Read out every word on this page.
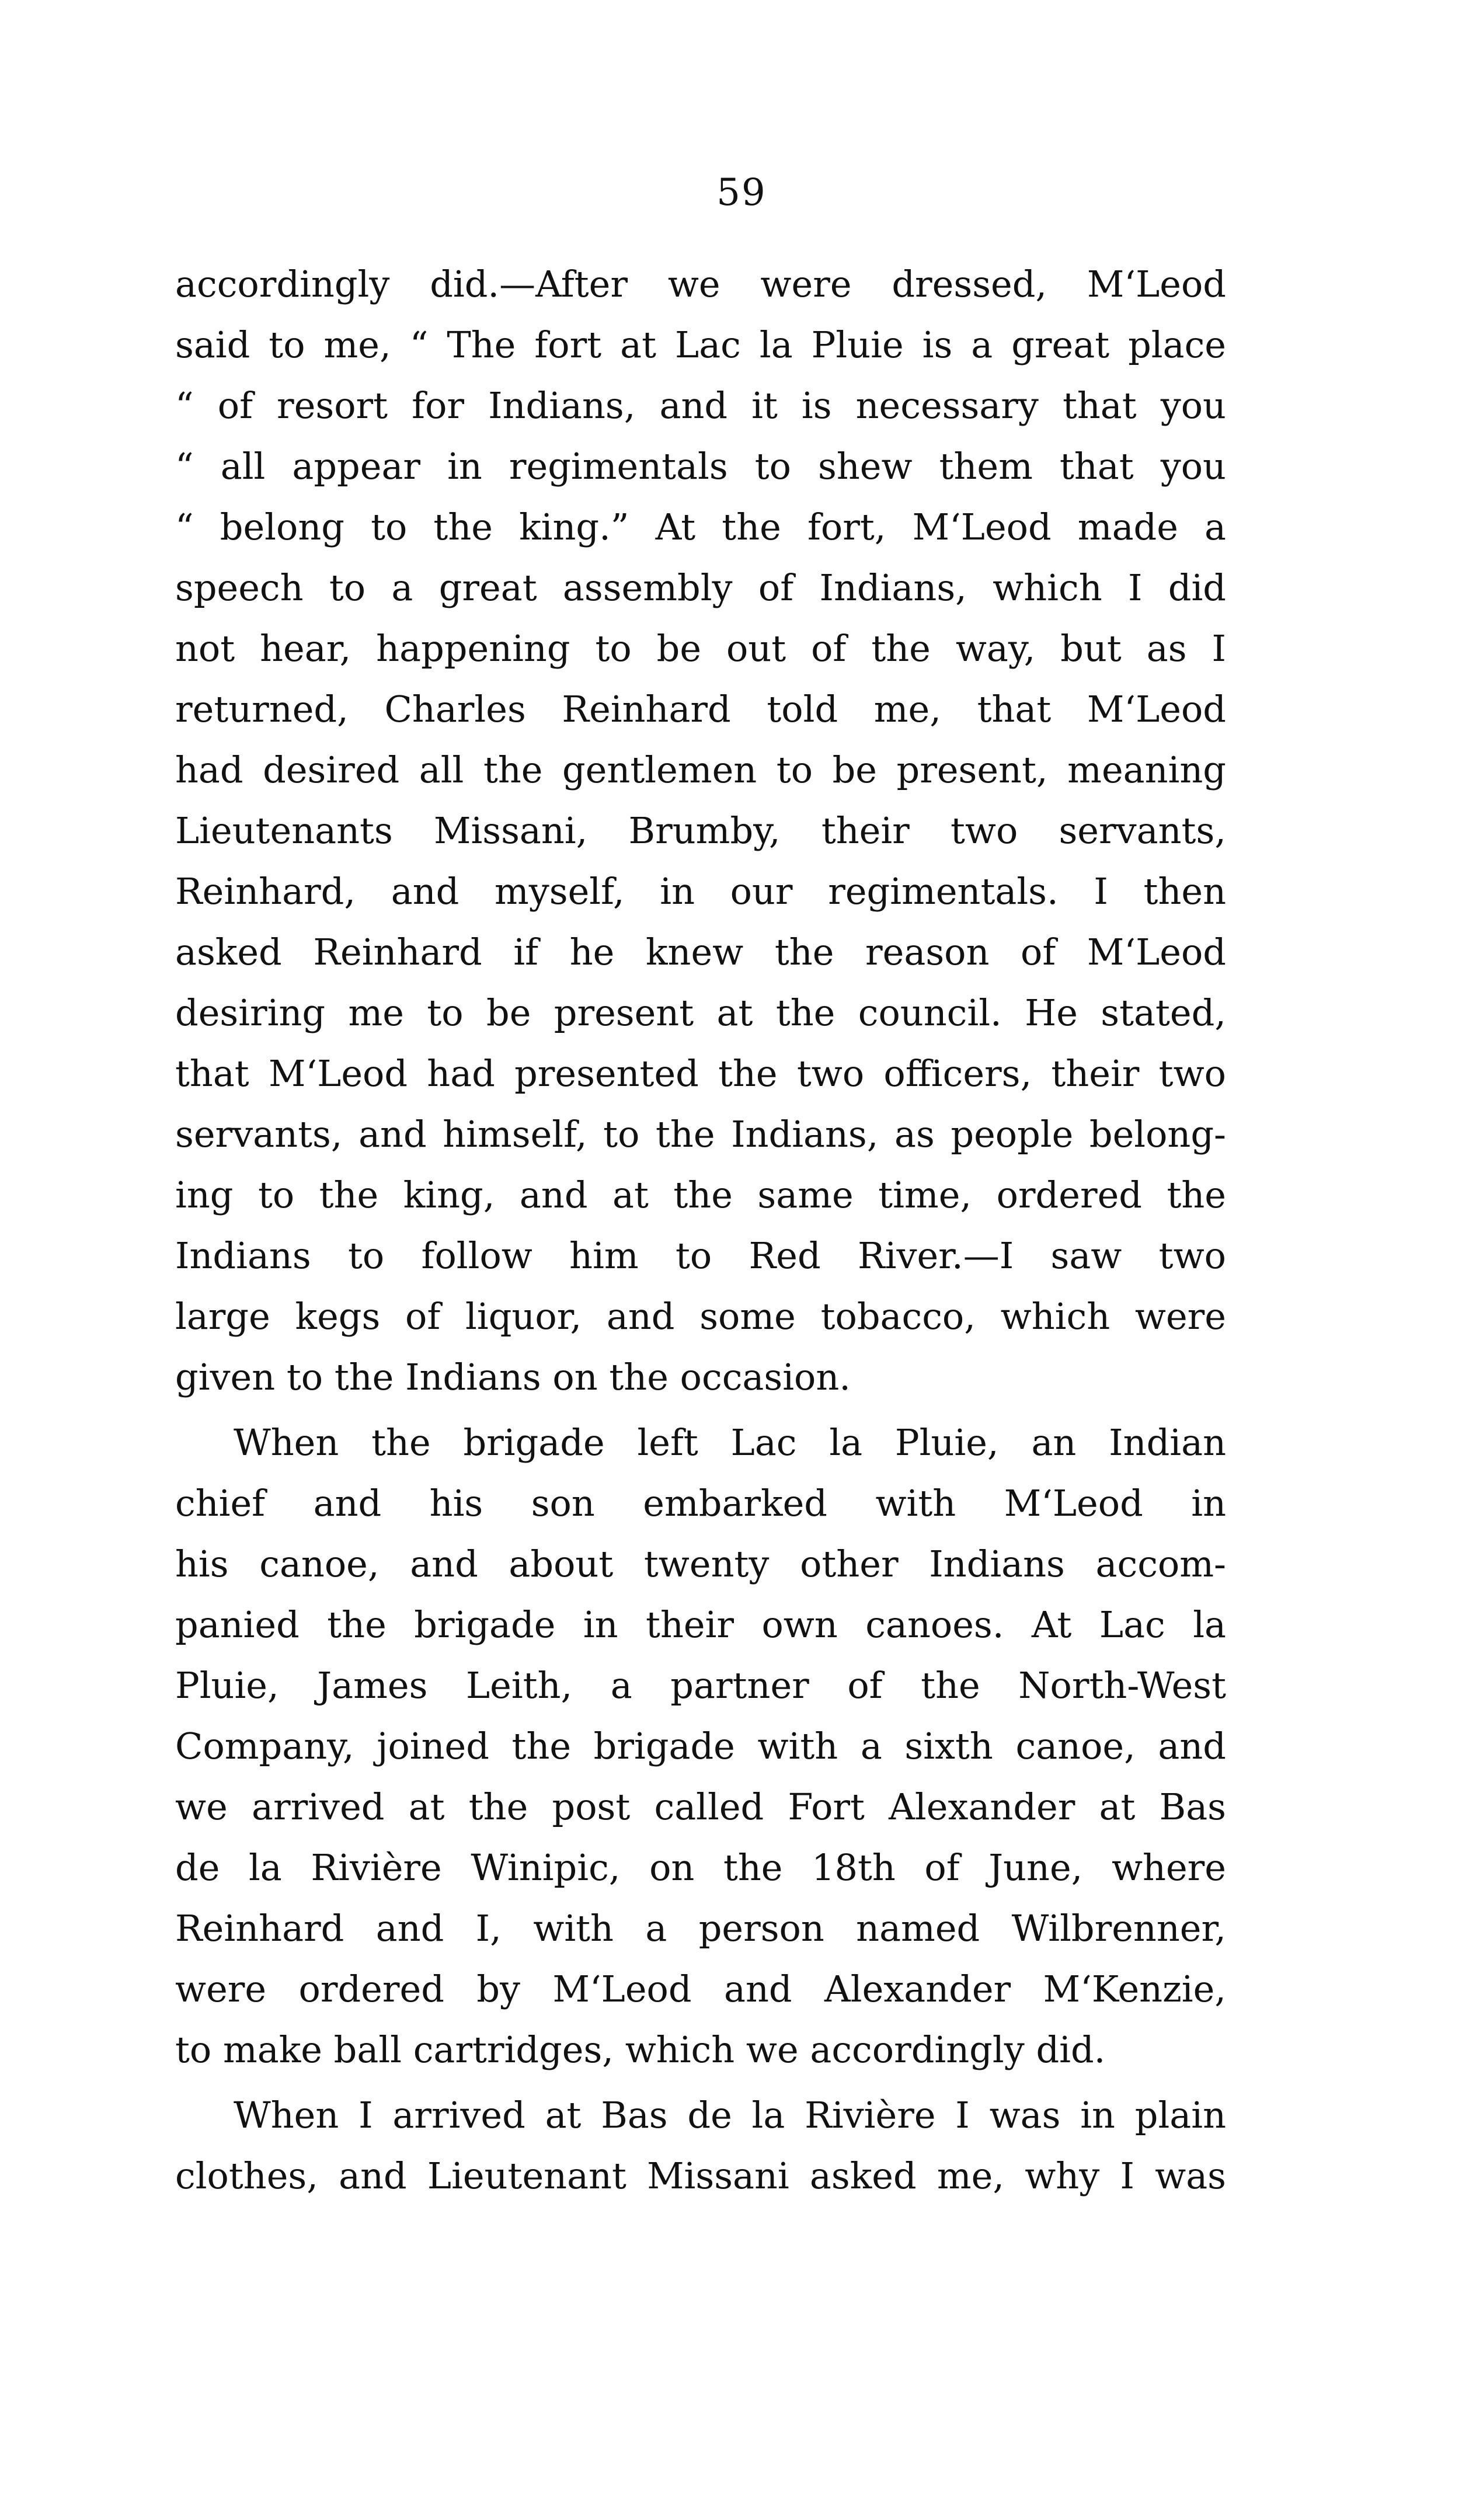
59
accordingly did.—After we were dressed, M‘Leod
said to me, “ The fort at Lac la Pluie is a great place
“ of resort for Indians, and it is necessary that you
“ all appear in regimentals to shew them that you
“ belong to the king.” At the fort, M‘Leod made a
speech to a great assembly of Indians, which I did
not hear, happening to be out of the way, but as I
returned, Charles Reinhard told me, that M‘Leod
had desired all the gentlemen to be present, meaning
Lieutenants Missani, Brumby, their two servants,
Reinhard, and myself, in our regimentals. I then
asked Reinhard if he knew the reason of M‘Leod
desiring me to be present at the council. He stated,
that M‘Leod had presented the two officers, their two
servants, and himself, to the Indians, as people belong-
ing to the king, and at the same time, ordered the
Indians to follow him to Red River.—I saw two
large kegs of liquor, and some tobacco, which were
given to the Indians on the occasion.
When the brigade left Lac la Pluie, an Indian
chief and his son embarked with M‘Leod in
his canoe, and about twenty other Indians accom-
panied the brigade in their own canoes. At Lac la
Pluie, James Leith, a partner of the North-West
Company, joined the brigade with a sixth canoe, and
we arrived at the post called Fort Alexander at Bas
de la Rivière Winipic, on the 18th of June, where
Reinhard and I, with a person named Wilbrenner,
were ordered by M‘Leod and Alexander M‘Kenzie,
to make ball cartridges, which we accordingly did.
When I arrived at Bas de la Rivière I was in plain
clothes, and Lieutenant Missani asked me, why I was
